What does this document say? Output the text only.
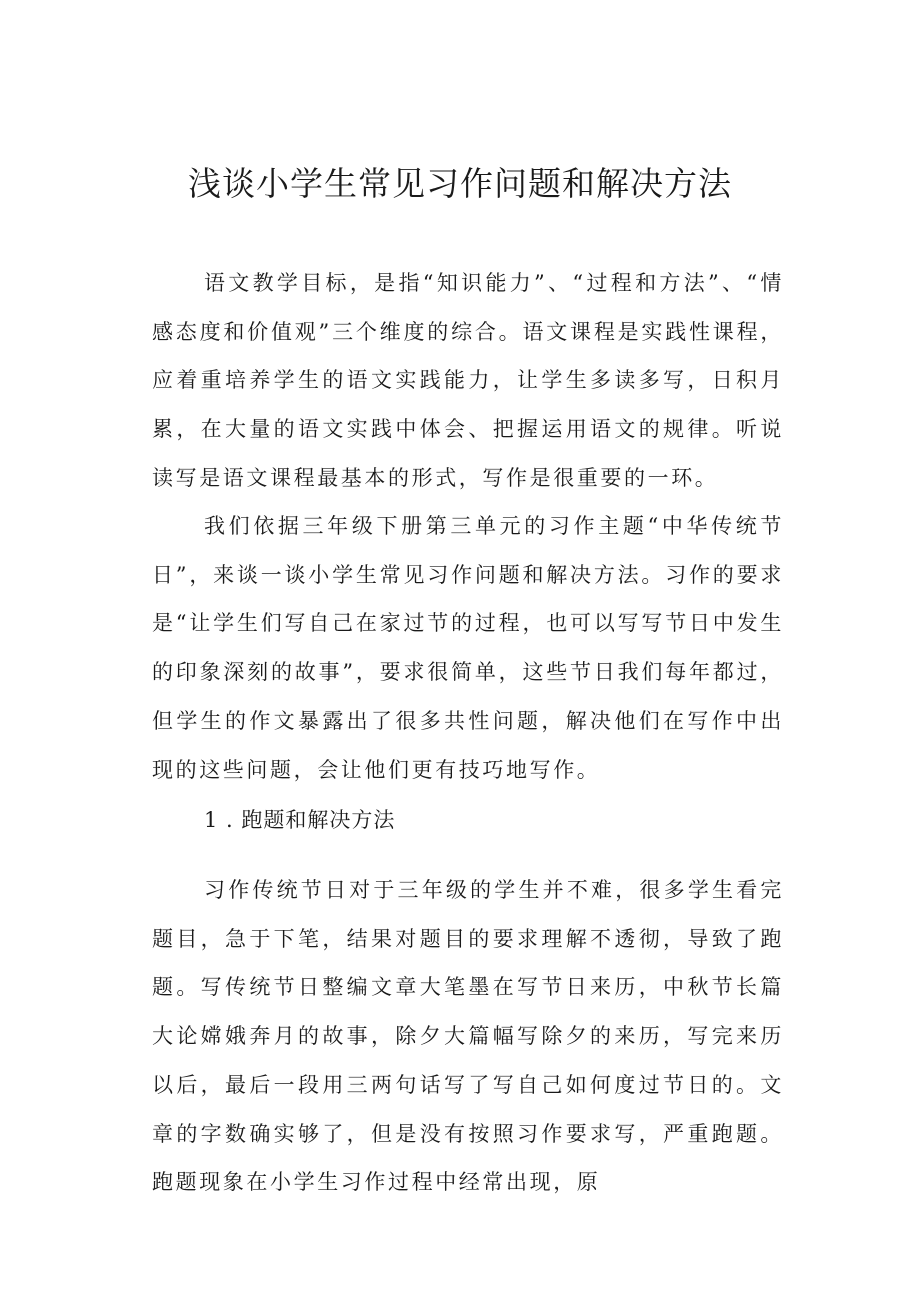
浅谈小学生常见习作问题和解决方法

语文教学目标，是指“知识能力”、“过程和方法”、“情感态度和价值观”三个维度的综合。语文课程是实践性课程，应着重培养学生的语文实践能力，让学生多读多写，日积月累，在大量的语文实践中体会、把握运用语文的规律。听说读写是语文课程最基本的形式，写作是很重要的一环。

我们依据三年级下册第三单元的习作主题“中华传统节日”，来谈一谈小学生常见习作问题和解决方法。习作的要求是“让学生们写自己在家过节的过程，也可以写写节日中发生的印象深刻的故事”，要求很简单，这些节日我们每年都过，但学生的作文暴露出了很多共性问题，解决他们在写作中出现的这些问题，会让他们更有技巧地写作。

1 . 跑题和解决方法

习作传统节日对于三年级的学生并不难，很多学生看完题目，急于下笔，结果对题目的要求理解不透彻，导致了跑题。写传统节日整编文章大笔墨在写节日来历，中秋节长篇大论嫦娥奔月的故事，除夕大篇幅写除夕的来历，写完来历以后，最后一段用三两句话写了写自己如何度过节日的。文章的字数确实够了，但是没有按照习作要求写，严重跑题。跑题现象在小学生习作过程中经常出现，原
